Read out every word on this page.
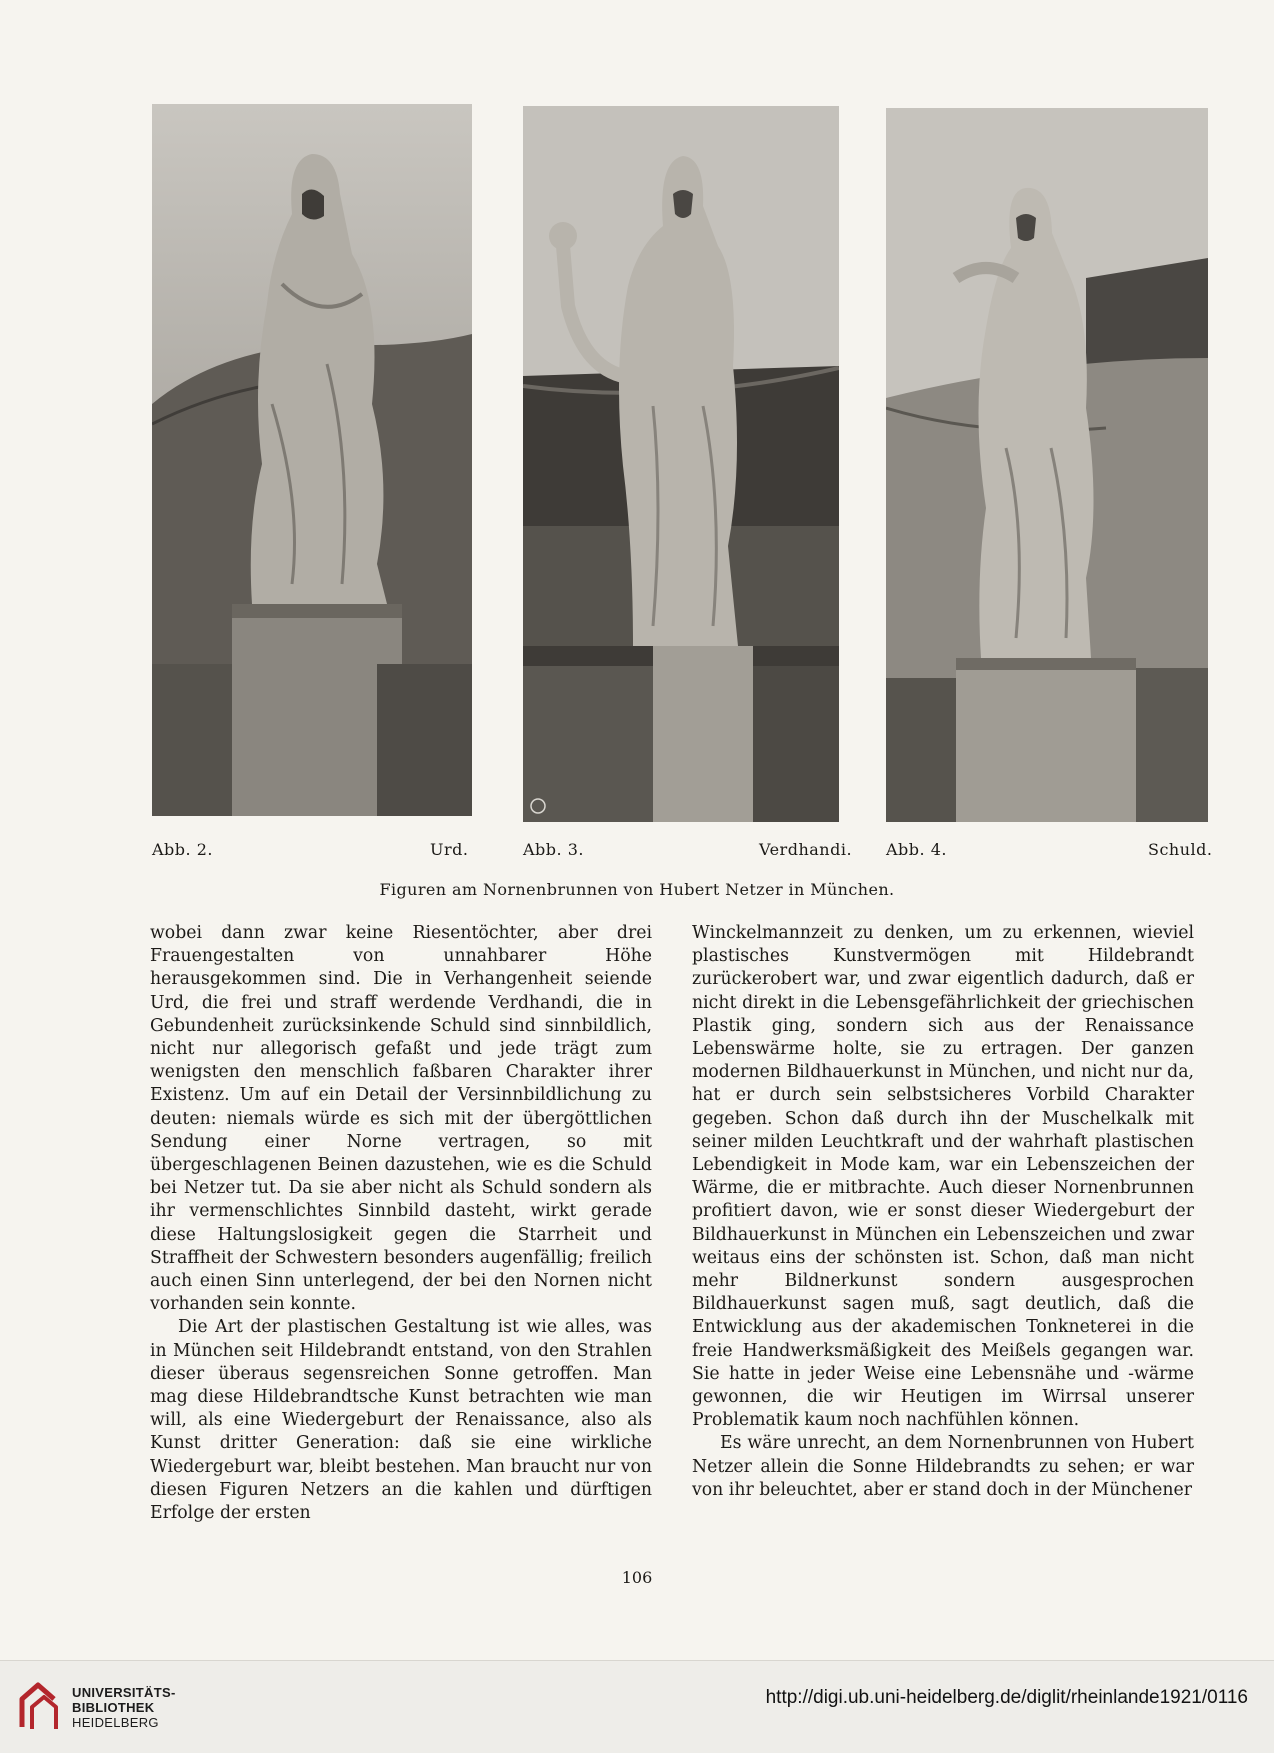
Abb. 2.	Urd.	Abb. 3.	Verdhandi. Abb. 4.	Schuld.
Figuren am Nornenbrunnen von Hubert Netzer in München.

wobei dann zwar keine Riesentöchter, aber drei Frauengestalten von unnahbarer Höhe herausgekommen sind. Die in Verhangenheit seiende Urd, die frei und straff werdende Verdhandi, die in Gebundenheit zurücksinkende Schuld sind sinnbildlich, nicht nur allegorisch gefaßt und jede trägt zum wenigsten den menschlich faßbaren Charakter ihrer Existenz. Um auf ein Detail der Versinnbildlichung zu deuten: niemals würde es sich mit der übergöttlichen Sendung einer Norne vertragen, so mit übergeschlagenen Beinen dazustehen, wie es die Schuld bei Netzer tut. Da sie aber nicht als Schuld sondern als ihr vermenschlichtes Sinnbild dasteht, wirkt gerade diese Haltungslosigkeit gegen die Starrheit und Straffheit der Schwestern besonders augenfällig; freilich auch einen Sinn unterlegend, der bei den Nornen nicht vorhanden sein konnte.

Die Art der plastischen Gestaltung ist wie alles, was in München seit Hildebrandt entstand, von den Strahlen dieser überaus segensreichen Sonne getroffen. Man mag diese Hildebrandtsche Kunst betrachten wie man will, als eine Wiedergeburt der Renaissance, also als Kunst dritter Generation: daß sie eine wirkliche Wiedergeburt war, bleibt bestehen. Man braucht nur von diesen Figuren Netzers an die kahlen und dürftigen Erfolge der ersten

Winckelmannzeit zu denken, um zu erkennen, wieviel plastisches Kunstvermögen mit Hildebrandt zurückerobert war, und zwar eigentlich dadurch, daß er nicht direkt in die Lebensgefährlichkeit der griechischen Plastik ging, sondern sich aus der Renaissance Lebenswärme holte, sie zu ertragen. Der ganzen modernen Bildhauerkunst in München, und nicht nur da, hat er durch sein selbstsicheres Vorbild Charakter gegeben. Schon daß durch ihn der Muschelkalk mit seiner milden Leuchtkraft und der wahrhaft plastischen Lebendigkeit in Mode kam, war ein Lebenszeichen der Wärme, die er mitbrachte. Auch dieser Nornenbrunnen profitiert davon, wie er sonst dieser Wiedergeburt der Bildhauerkunst in München ein Lebenszeichen und zwar weitaus eins der schönsten ist. Schon, daß man nicht mehr Bildnerkunst sondern ausgesprochen Bildhauerkunst sagen muß, sagt deutlich, daß die Entwicklung aus der akademischen Tonkneterei in die freie Handwerksmäßigkeit des Meißels gegangen war. Sie hatte in jeder Weise eine Lebensnähe und -wärme gewonnen, die wir Heutigen im Wirrsal unserer Problematik kaum noch nachfühlen können.

Es wäre unrecht, an dem Nornenbrunnen von Hubert Netzer allein die Sonne Hildebrandts zu sehen; er war von ihr beleuchtet, aber er stand doch in der Münchener

106
UNIVERSITÄTS-
BIBLIOTHEK
HEIDELBERG
http://digi.ub.uni-heidelberg.de/diglit/rheinlande1921/0116
